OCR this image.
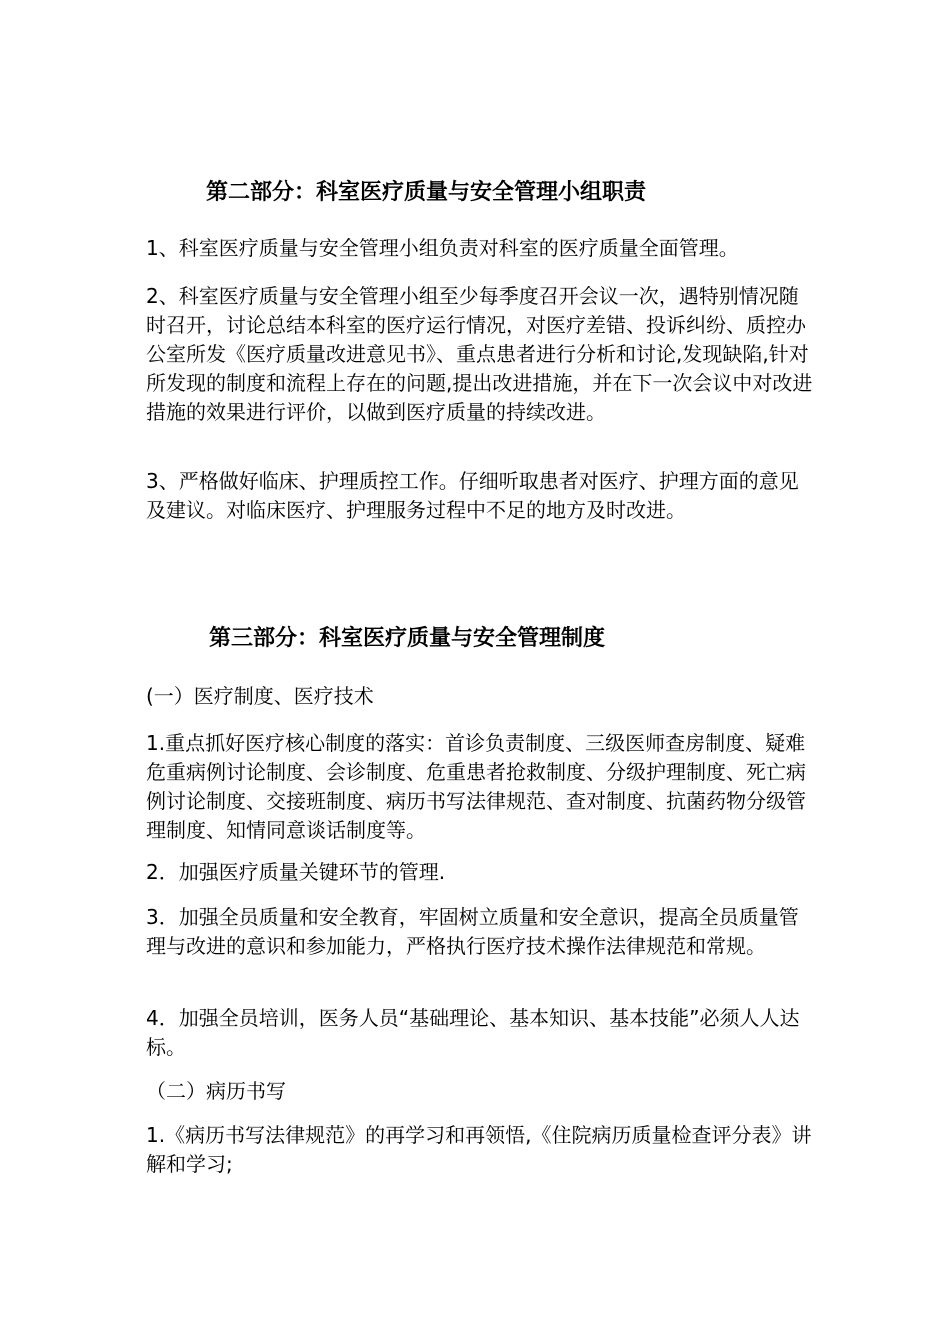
第二部分：科室医疗质量与安全管理小组职责

1、科室医疗质量与安全管理小组负责对科室的医疗质量全面管理。

2、科室医疗质量与安全管理小组至少每季度召开会议一次，遇特别情况随时召开，讨论总结本科室的医疗运行情况，对医疗差错、投诉纠纷、质控办公室所发《医疗质量改进意见书》、重点患者进行分析和讨论,发现缺陷,针对所发现的制度和流程上存在的问题,提出改进措施，并在下一次会议中对改进措施的效果进行评价，以做到医疗质量的持续改进。

3、严格做好临床、护理质控工作。仔细听取患者对医疗、护理方面的意见及建议。对临床医疗、护理服务过程中不足的地方及时改进。

第三部分：科室医疗质量与安全管理制度

(一）医疗制度、医疗技术

1.重点抓好医疗核心制度的落实：首诊负责制度、三级医师查房制度、疑难危重病例讨论制度、会诊制度、危重患者抢救制度、分级护理制度、死亡病例讨论制度、交接班制度、病历书写法律规范、查对制度、抗菌药物分级管理制度、知情同意谈话制度等。

2．加强医疗质量关键环节的管理.

3．加强全员质量和安全教育，牢固树立质量和安全意识，提高全员质量管理与改进的意识和参加能力，严格执行医疗技术操作法律规范和常规。

4．加强全员培训，医务人员“基础理论、基本知识、基本技能”必须人人达标。

（二）病历书写

1.《病历书写法律规范》的再学习和再领悟,《住院病历质量检查评分表》讲解和学习;
